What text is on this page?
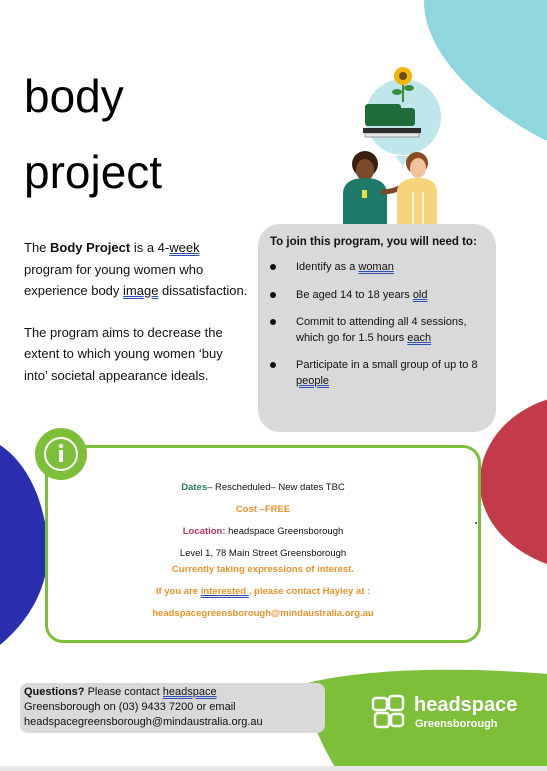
body
project

The Body Project is a 4-week program for young women who experience body image dissatisfaction.

The program aims to decrease the extent to which young women ‘buy into’ societal appearance ideals.

To join this program, you will need to:
Identify as a woman
Be aged 14 to 18 years old
Commit to attending all 4 sessions, which go for 1.5 hours each
Participate in a small group of up to 8 people
Dates– Rescheduled– New dates TBC
Cost –FREE
Location: headspace Greensborough
Level 1, 78 Main Street Greensborough
Currently taking expressions of interest.
If you are interested , please contact Hayley at :
headspacegreensborough@mindaustralia.org.au
Questions? Please contact headspace
Greensborough on (03) 9433 7200 or email
headspacegreensborough@mindaustralia.org.au
headspace
Greensborough
